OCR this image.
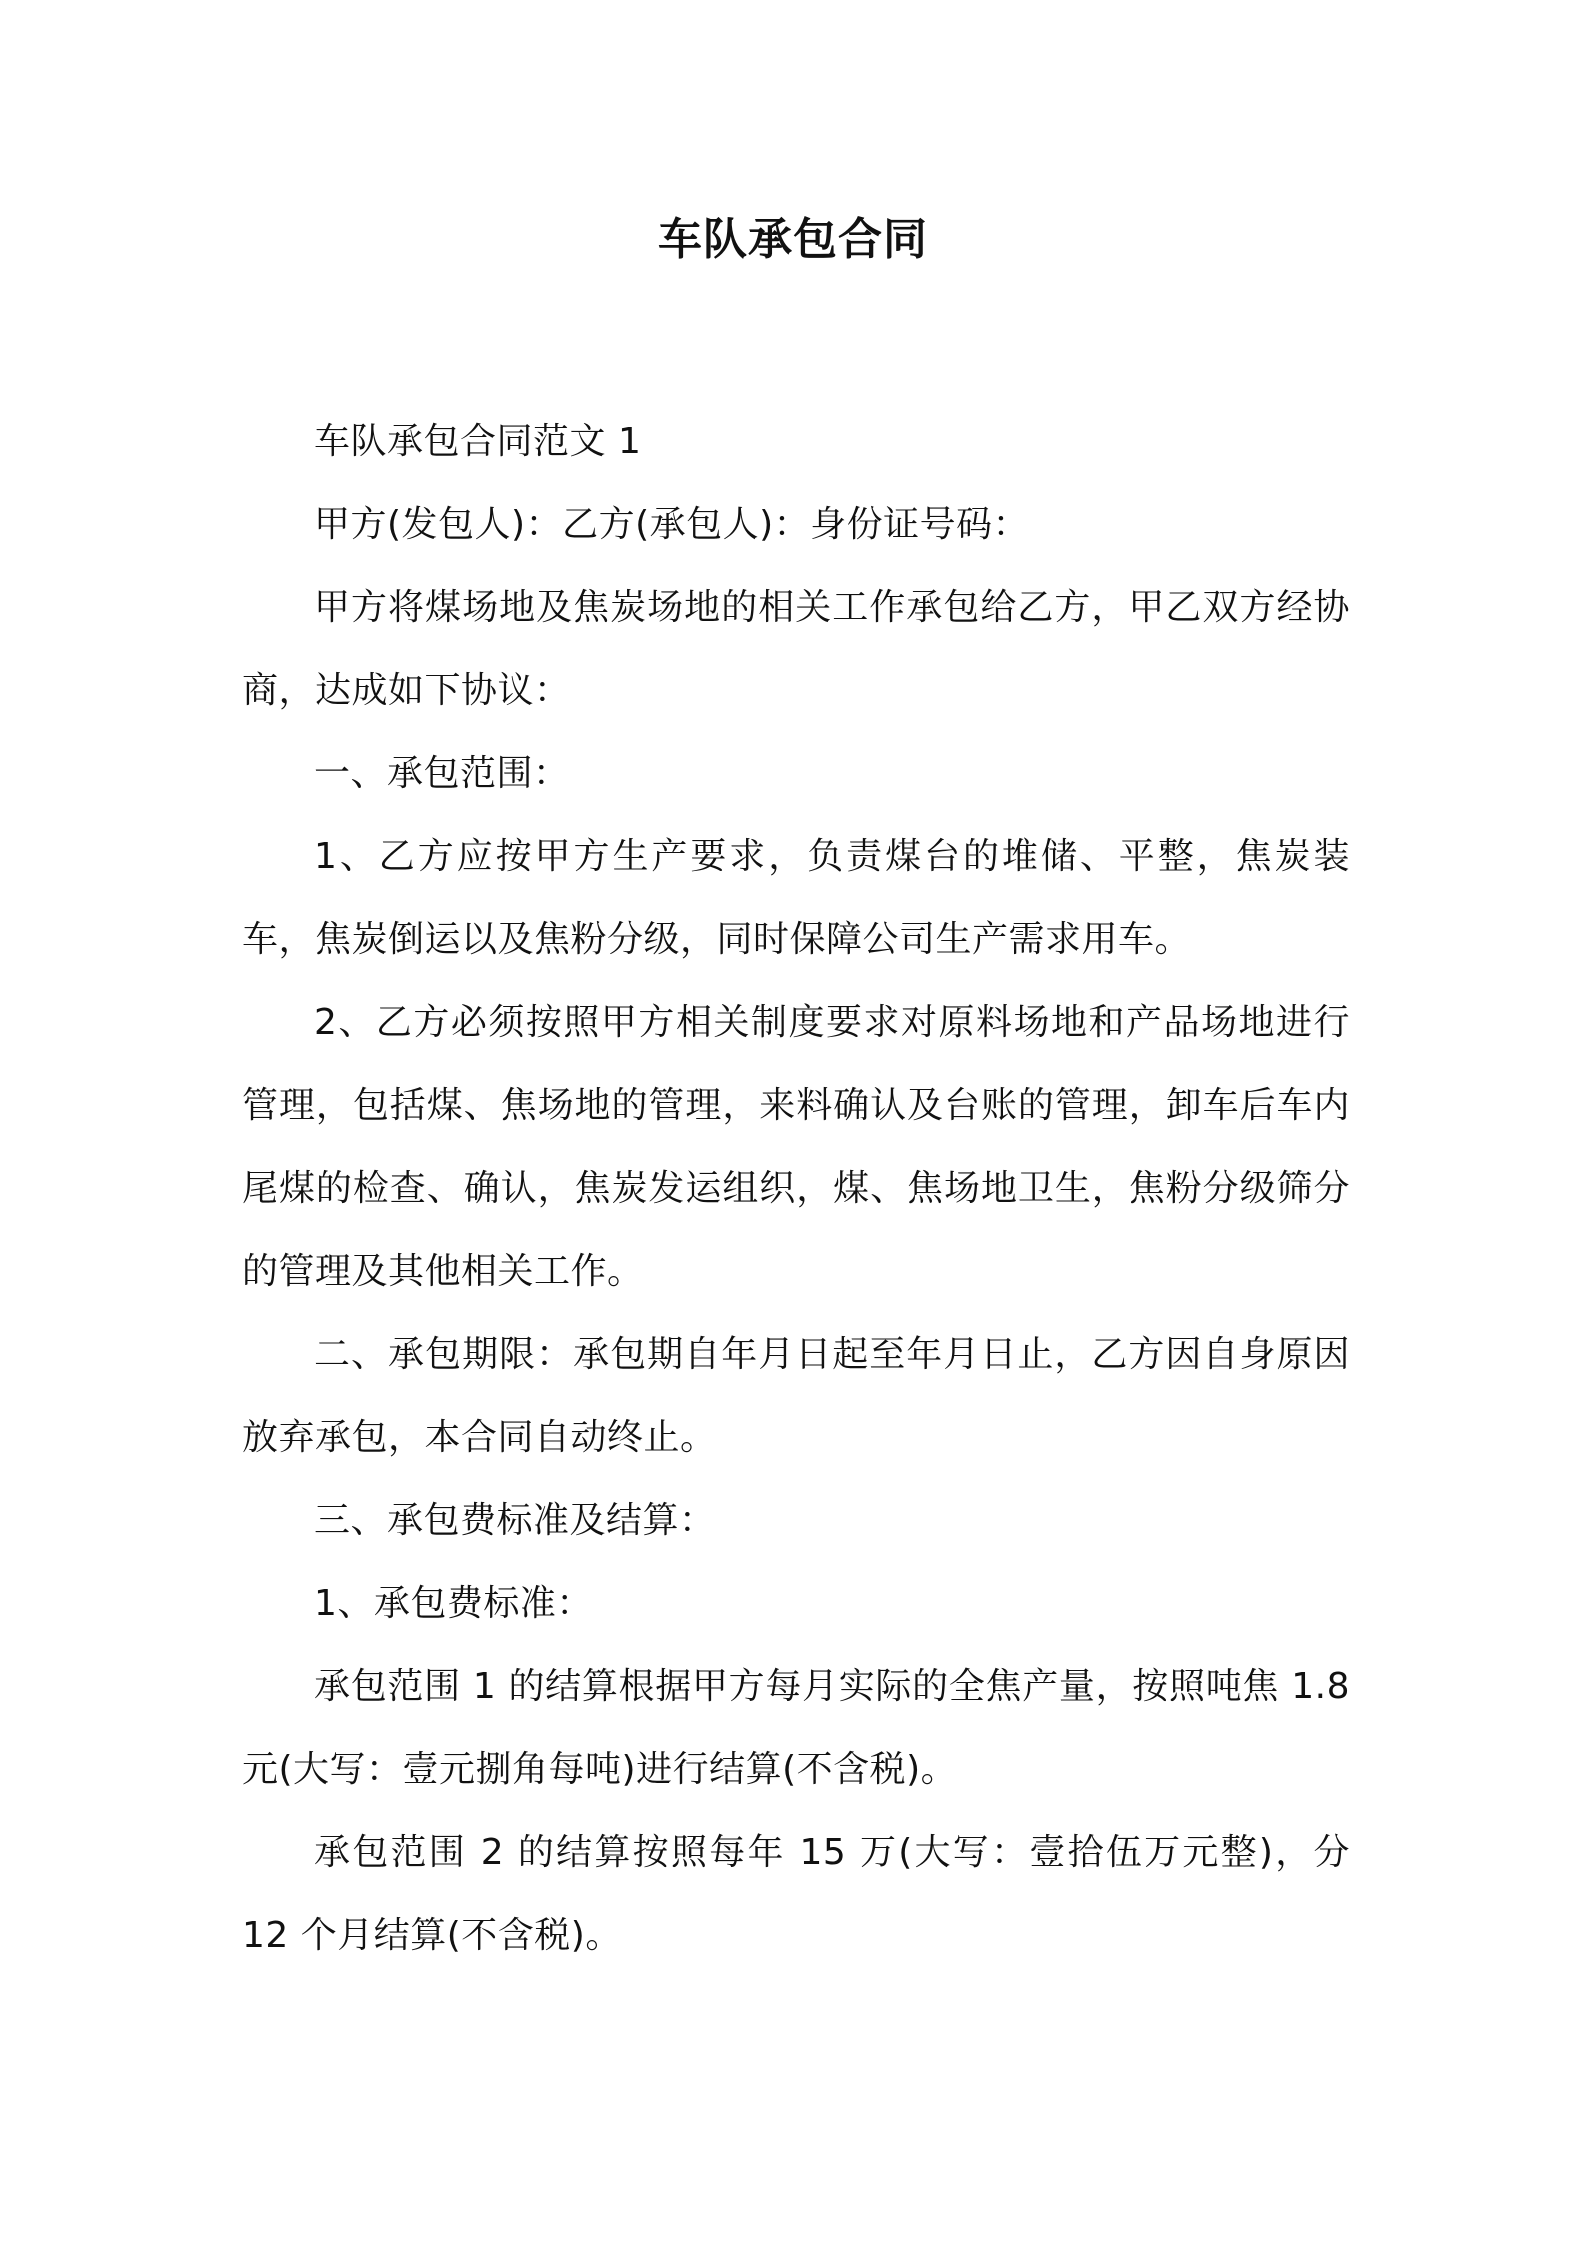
车队承包合同

车队承包合同范文 1

甲方(发包人)：乙方(承包人)：身份证号码：

甲方将煤场地及焦炭场地的相关工作承包给乙方，甲乙双方经协商，达成如下协议：

一、承包范围：

1、乙方应按甲方生产要求，负责煤台的堆储、平整，焦炭装车，焦炭倒运以及焦粉分级，同时保障公司生产需求用车。

2、乙方必须按照甲方相关制度要求对原料场地和产品场地进行管理，包括煤、焦场地的管理，来料确认及台账的管理，卸车后车内尾煤的检查、确认，焦炭发运组织，煤、焦场地卫生，焦粉分级筛分的管理及其他相关工作。

二、承包期限：承包期自年月日起至年月日止，乙方因自身原因放弃承包，本合同自动终止。

三、承包费标准及结算：

1、承包费标准：

承包范围 1 的结算根据甲方每月实际的全焦产量，按照吨焦 1.8 元(大写：壹元捌角每吨)进行结算(不含税)。

承包范围 2 的结算按照每年 15 万(大写：壹拾伍万元整)，分 12 个月结算(不含税)。
